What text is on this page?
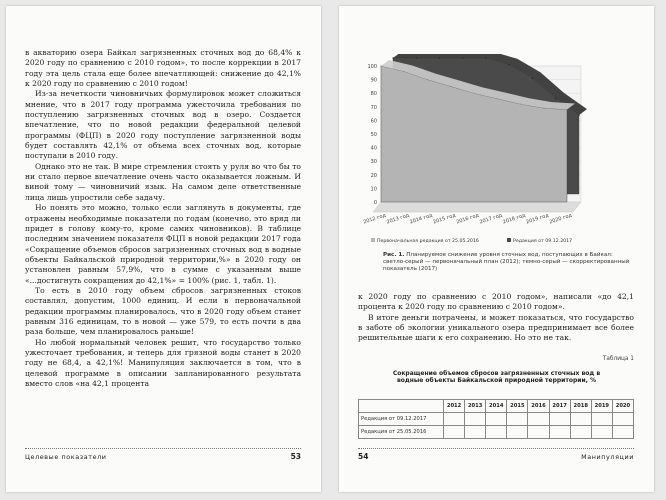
в акваторию озера Байкал загрязненных сточных вод до 68,4% к 2020 году по сравнению с 2010 годом», то после коррекции в 2017 году эта цель стала еще более впечатляющей: снижение до 42,1% к 2020 году по сравнению с 2010 годом!

Из-за нечеткости чиновничьих формулировок может сложиться мнение, что в 2017 году программа ужесточила требования по поступлению загрязненных сточных вод в озеро. Создается впечатление, что по новой редакции федеральной целевой программы (ФЦП) в 2020 году поступление загрязненной воды будет составлять 42,1% от объема всех сточных вод, которые поступали в 2010 году.

Однако это не так. В мире стремления стоять у руля во что бы то ни стало первое впечатление очень часто оказывается ложным. И виной тому — чиновничий язык. На самом деле ответственные лица лишь упростили себе задачу.

Но понять это можно, только если заглянуть в документы, где отражены необходимые показатели по годам (конечно, это вряд ли придет в голову кому-то, кроме самих чиновников). В таблице последним значением показателя ФЦП в новой редакции 2017 года «Сокращение объемов сбросов загрязненных сточных вод в водные объекты Байкальской природной территории,%» в 2020 году он установлен равным 57,9%, что в сумме с указанным выше «...достигнуть сокращения до 42,1%» = 100% (рис. 1, табл. 1).

То есть в 2010 году объем сбросов загрязненных стоков составлял, допустим, 1000 единиц. И если в первоначальной редакции программы планировалось, что в 2020 году объем станет равным 316 единицам, то в новой — уже 579, то есть почти в два раза больше, чем планировалось раньше!

Но любой нормальный человек решит, что государство только ужесточает требования, и теперь для грязной воды станет в 2020 году не 68,4, а 42,1%! Манипуляция заключается в том, что в целевой программе в описании запланированного результата вместо слов «на 42,1 процента

Целевые показатели	53
0
10
20
30
40
50
60
70
80
90
100
2012 год 2013 год 2014 год 2015 год 2016 год 2017 год 2018 год 2019 год 2020 год
Первоначальная редакция от 25.05.2016	Редакция от 09.12.2017
Рис. 1. Планируемое снижение уровня сточных вод, поступающих в Байкал: светло-серый — первоначальный план (2012); темно-серый — скорректированный показатель (2017)

к 2020 году по сравнению с 2010 годом», написали «до 42,1 процента к 2020 году по сравнению с 2010 годом».

В итоге деньги потрачены, и может показаться, что государство в заботе об экологии уникального озера предпринимает все более решительные шаги к его сохранению. Но это не так.

Таблица 1
Сокращение объемов сбросов загрязненных сточных вод в водные объекты Байкальской природной территории, %
	2012	2013	2014	2015	2016	2017	2018	2019	2020
Редакция от 09.12.2017									
Редакция от 25.05.2016									
54	Манипуляции
